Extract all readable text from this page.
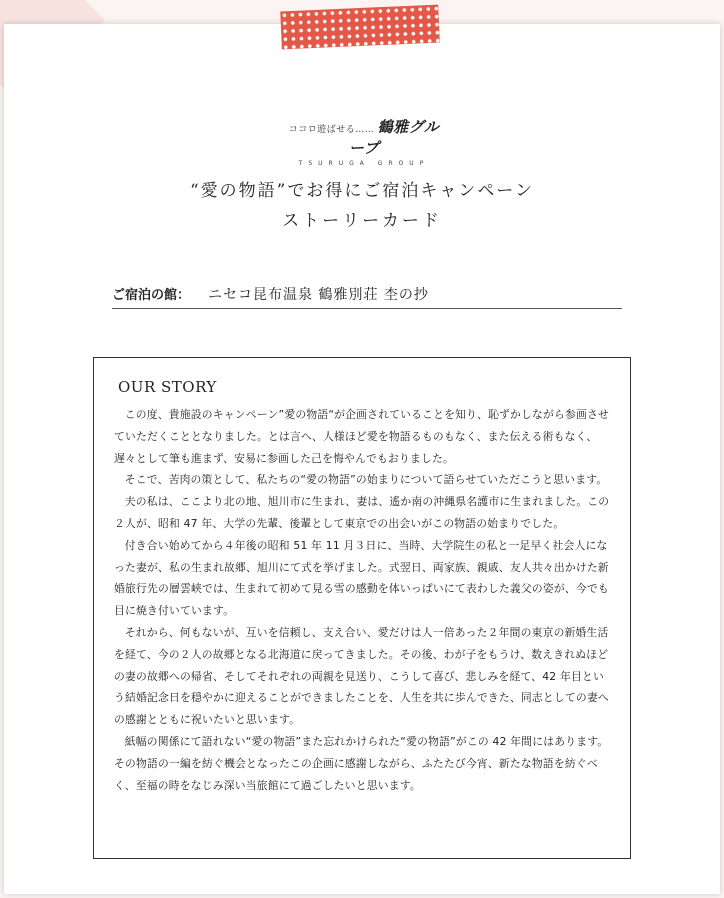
ココロ遊ばせる…… 鶴雅グループ
TSURUGA GROUP
“愛の物語”でお得にご宿泊キャンペーン
ストーリーカード
ご宿泊の館： ニセコ昆布温泉 鶴雅別荘 杢の抄
OUR STORY

この度、貴施設のキャンペーン”愛の物語“が企画されていることを知り、恥ずかしながら参画させていただくこととなりました。とは言へ、人様ほど愛を物語るものもなく、また伝える術もなく、遅々として筆も進まず、安易に参画した己を悔やんでもおりました。

そこで、苦肉の策として、私たちの“愛の物語”の始まりについて語らせていただこうと思います。

夫の私は、ここより北の地、旭川市に生まれ、妻は、遙か南の沖縄県名護市に生まれました。この２人が、昭和 47 年、大学の先輩、後輩として東京での出会いがこの物語の始まりでした。

付き合い始めてから４年後の昭和 51 年 11 月３日に、当時、大学院生の私と一足早く社会人になった妻が、私の生まれ故郷、旭川にて式を挙げました。式翌日、両家族、親戚、友人共々出かけた新婚旅行先の層雲峡では、生まれて初めて見る雪の感動を体いっぱいにて表わした義父の姿が、今でも目に焼き付いています。

それから、何もないが、互いを信頼し、支え合い、愛だけは人一倍あった２年間の東京の新婚生活を経て、今の２人の故郷となる北海道に戻ってきました。その後、わが子をもうけ、数えきれぬほどの妻の故郷への帰省、そしてそれぞれの両親を見送り、こうして喜び、悲しみを経て、42 年目という結婚記念日を穏やかに迎えることができましたことを、人生を共に歩んできた、同志としての妻への感謝とともに祝いたいと思います。

紙幅の関係にて語れない“愛の物語”また忘れかけられた“愛の物語”がこの 42 年間にはあります。その物語の一編を紡ぐ機会となったこの企画に感謝しながら、ふたたび今宵、新たな物語を紡ぐべく、至福の時をなじみ深い当旅館にて過ごしたいと思います。
